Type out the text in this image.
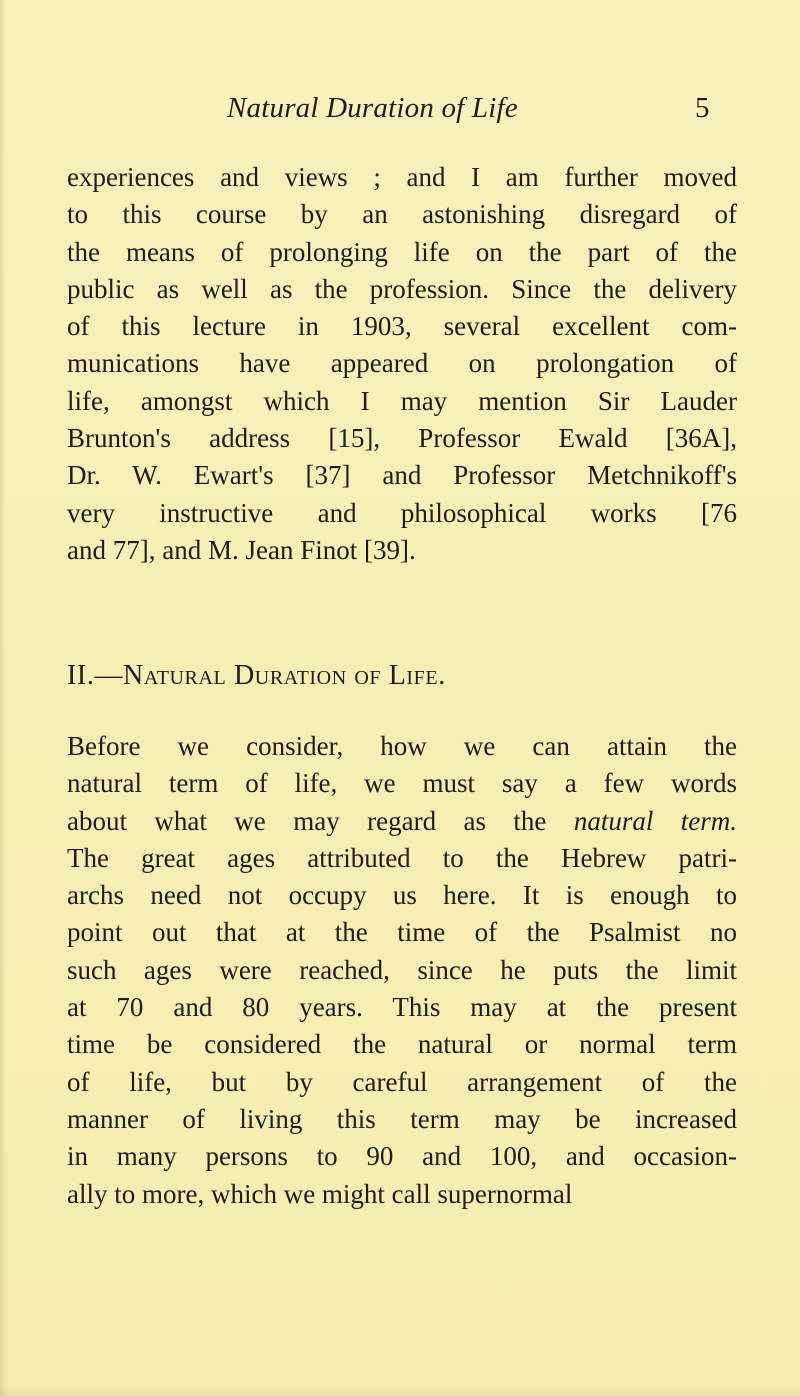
Natural Duration of Life	5
experiences and views ; and I am further moved
to this course by an astonishing disregard of
the means of prolonging life on the part of the
public as well as the profession. Since the delivery
of this lecture in 1903, several excellent com-
munications have appeared on prolongation of
life, amongst which I may mention Sir Lauder
Brunton's address [15], Professor Ewald [36A],
Dr. W. Ewart's [37] and Professor Metchnikoff's
very instructive and philosophical works [76
and 77], and M. Jean Finot [39].
II.—Natural Duration of Life.
Before we consider, how we can attain the
natural term of life, we must say a few words
about what we may regard as the natural term.
The great ages attributed to the Hebrew patri-
archs need not occupy us here. It is enough to
point out that at the time of the Psalmist no
such ages were reached, since he puts the limit
at 70 and 80 years. This may at the present
time be considered the natural or normal term
of life, but by careful arrangement of the
manner of living this term may be increased
in many persons to 90 and 100, and occasion-
ally to more, which we might call supernormal
